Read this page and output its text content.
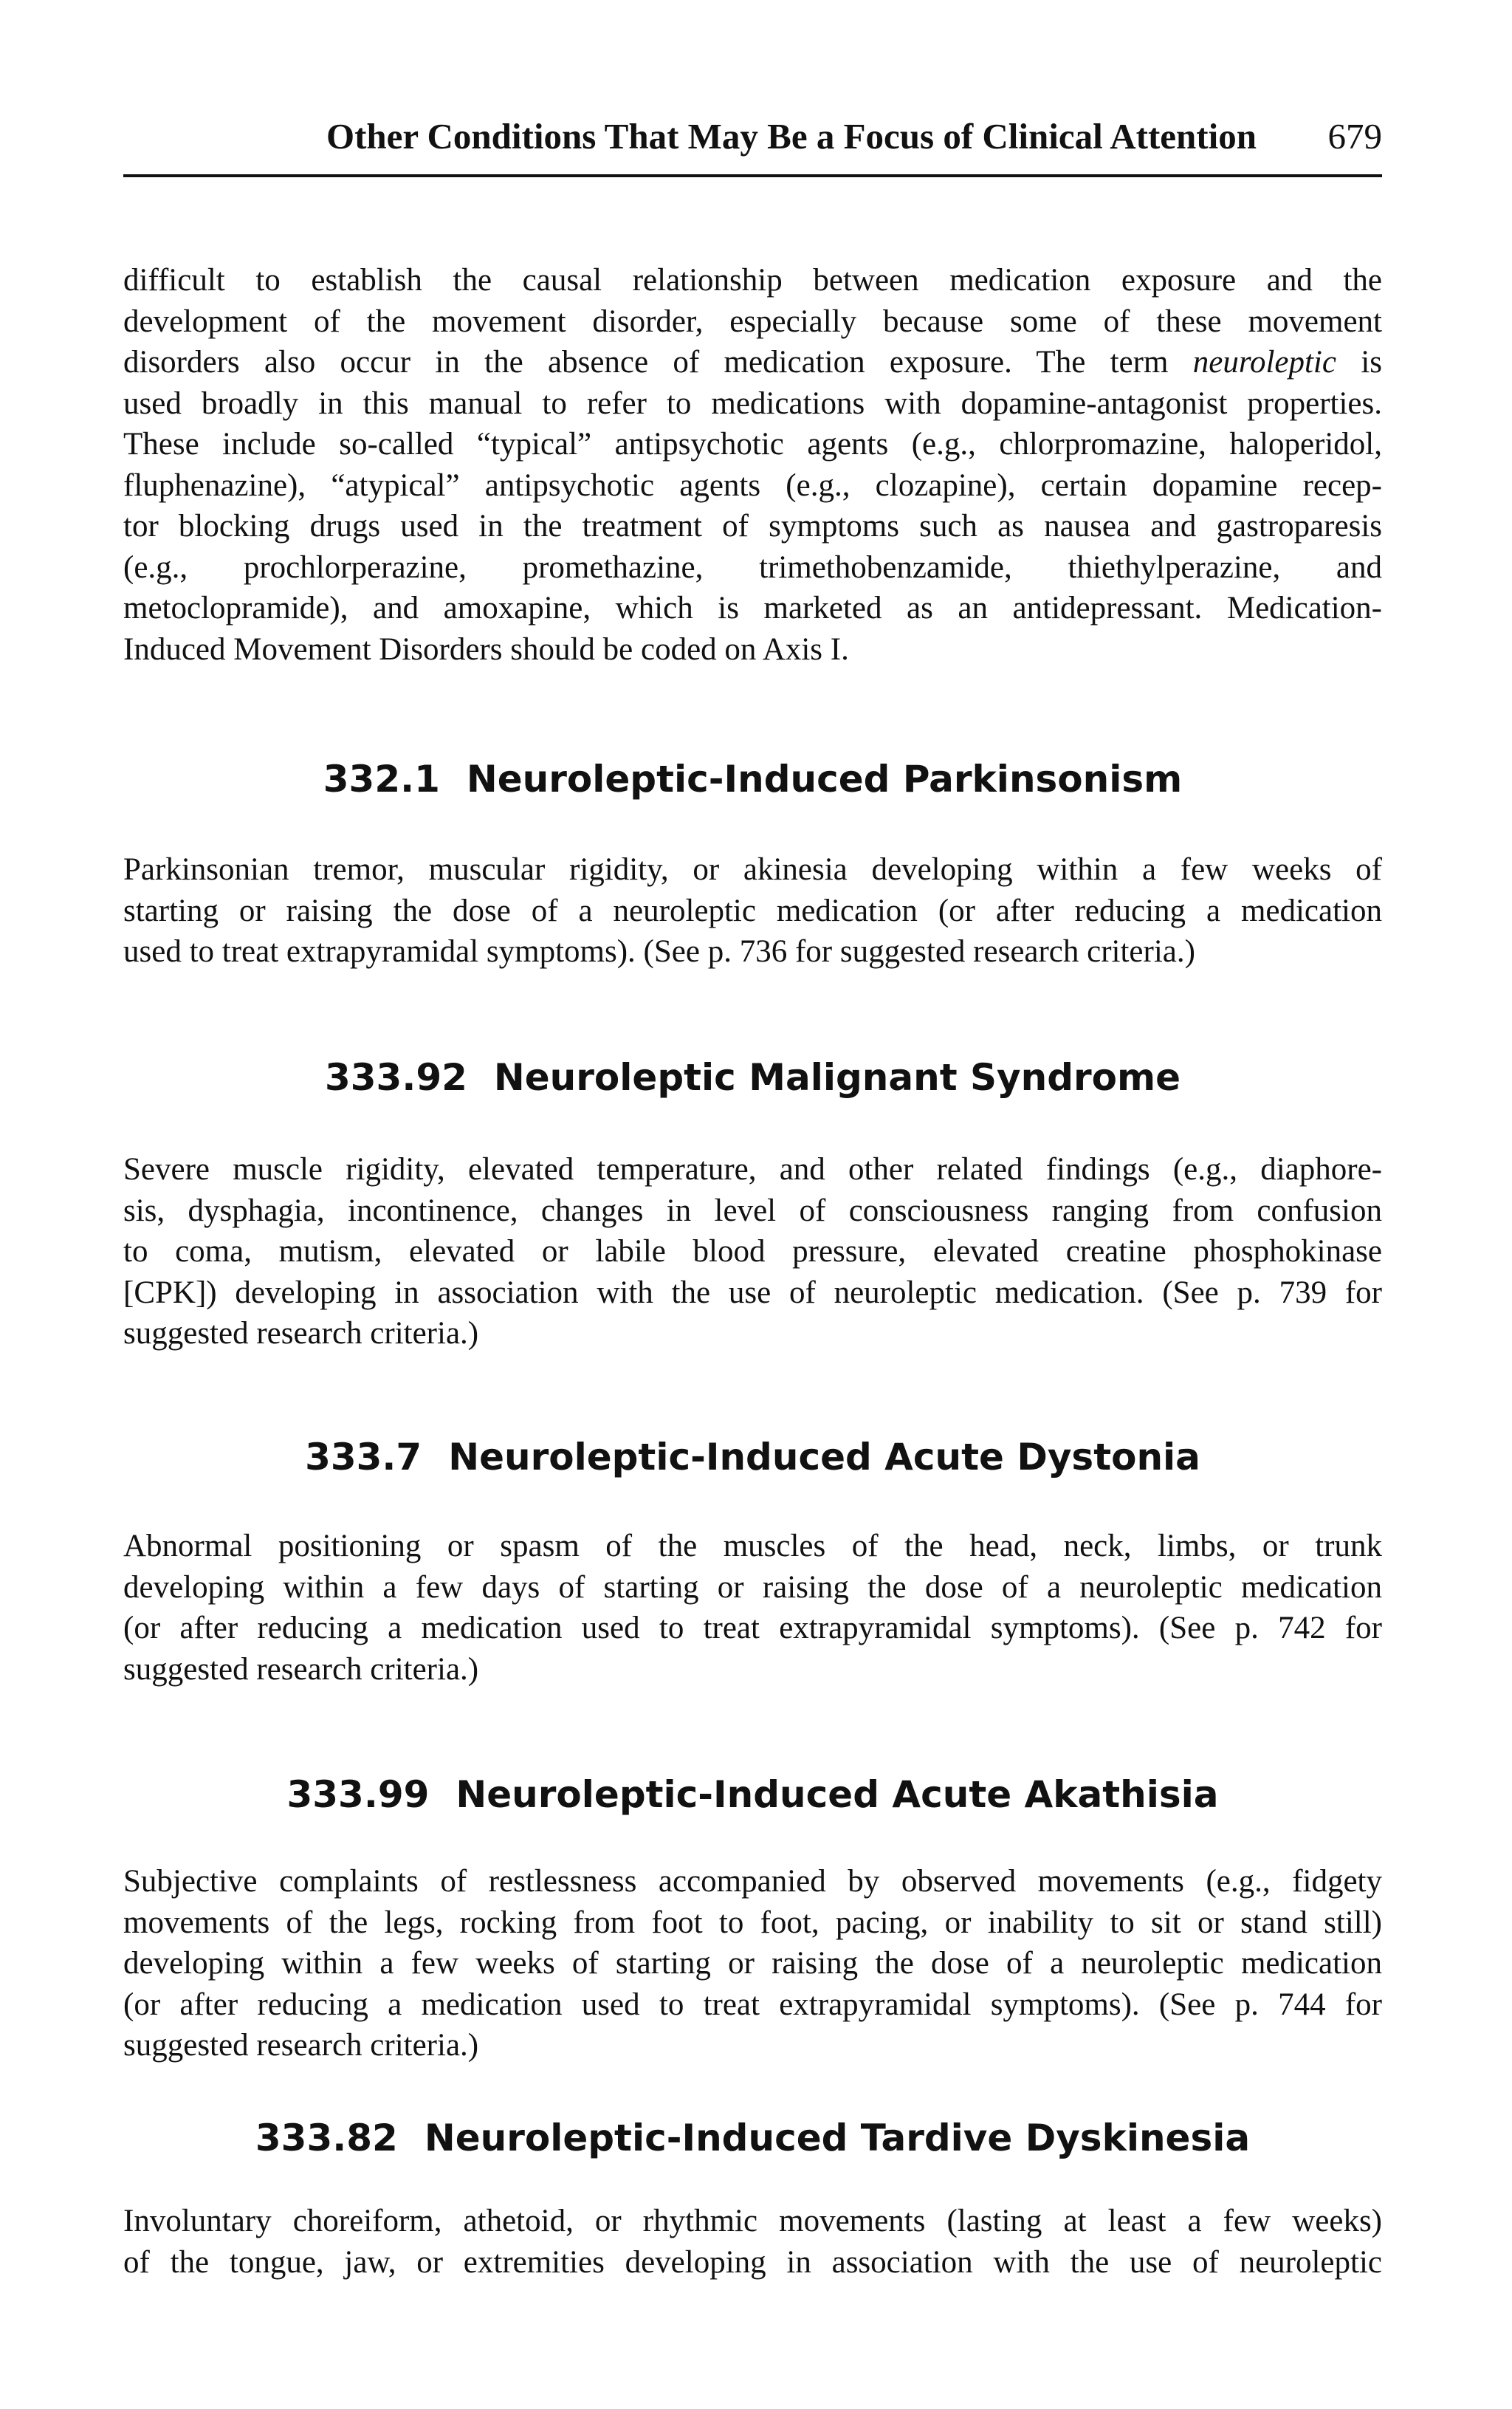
Other Conditions That May Be a Focus of Clinical Attention 679
difficult to establish the causal relationship between medication exposure and the
development of the movement disorder, especially because some of these movement
disorders also occur in the absence of medication exposure. The term neuroleptic is
used broadly in this manual to refer to medications with dopamine-antagonist properties.
These include so-called “typical” antipsychotic agents (e.g., chlorpromazine, haloperidol,
fluphenazine), “atypical” antipsychotic agents (e.g., clozapine), certain dopamine recep-
tor blocking drugs used in the treatment of symptoms such as nausea and gastroparesis
(e.g., prochlorperazine, promethazine, trimethobenzamide, thiethylperazine, and
metoclopramide), and amoxapine, which is marketed as an antidepressant. Medication-
Induced Movement Disorders should be coded on Axis I.
332.1 Neuroleptic-Induced Parkinsonism
Parkinsonian tremor, muscular rigidity, or akinesia developing within a few weeks of
starting or raising the dose of a neuroleptic medication (or after reducing a medication
used to treat extrapyramidal symptoms). (See p. 736 for suggested research criteria.)
333.92 Neuroleptic Malignant Syndrome
Severe muscle rigidity, elevated temperature, and other related findings (e.g., diaphore-
sis, dysphagia, incontinence, changes in level of consciousness ranging from confusion
to coma, mutism, elevated or labile blood pressure, elevated creatine phosphokinase
[CPK]) developing in association with the use of neuroleptic medication. (See p. 739 for
suggested research criteria.)
333.7 Neuroleptic-Induced Acute Dystonia
Abnormal positioning or spasm of the muscles of the head, neck, limbs, or trunk
developing within a few days of starting or raising the dose of a neuroleptic medication
(or after reducing a medication used to treat extrapyramidal symptoms). (See p. 742 for
suggested research criteria.)
333.99 Neuroleptic-Induced Acute Akathisia
Subjective complaints of restlessness accompanied by observed movements (e.g., fidgety
movements of the legs, rocking from foot to foot, pacing, or inability to sit or stand still)
developing within a few weeks of starting or raising the dose of a neuroleptic medication
(or after reducing a medication used to treat extrapyramidal symptoms). (See p. 744 for
suggested research criteria.)
333.82 Neuroleptic-Induced Tardive Dyskinesia
Involuntary choreiform, athetoid, or rhythmic movements (lasting at least a few weeks)
of the tongue, jaw, or extremities developing in association with the use of neuroleptic
